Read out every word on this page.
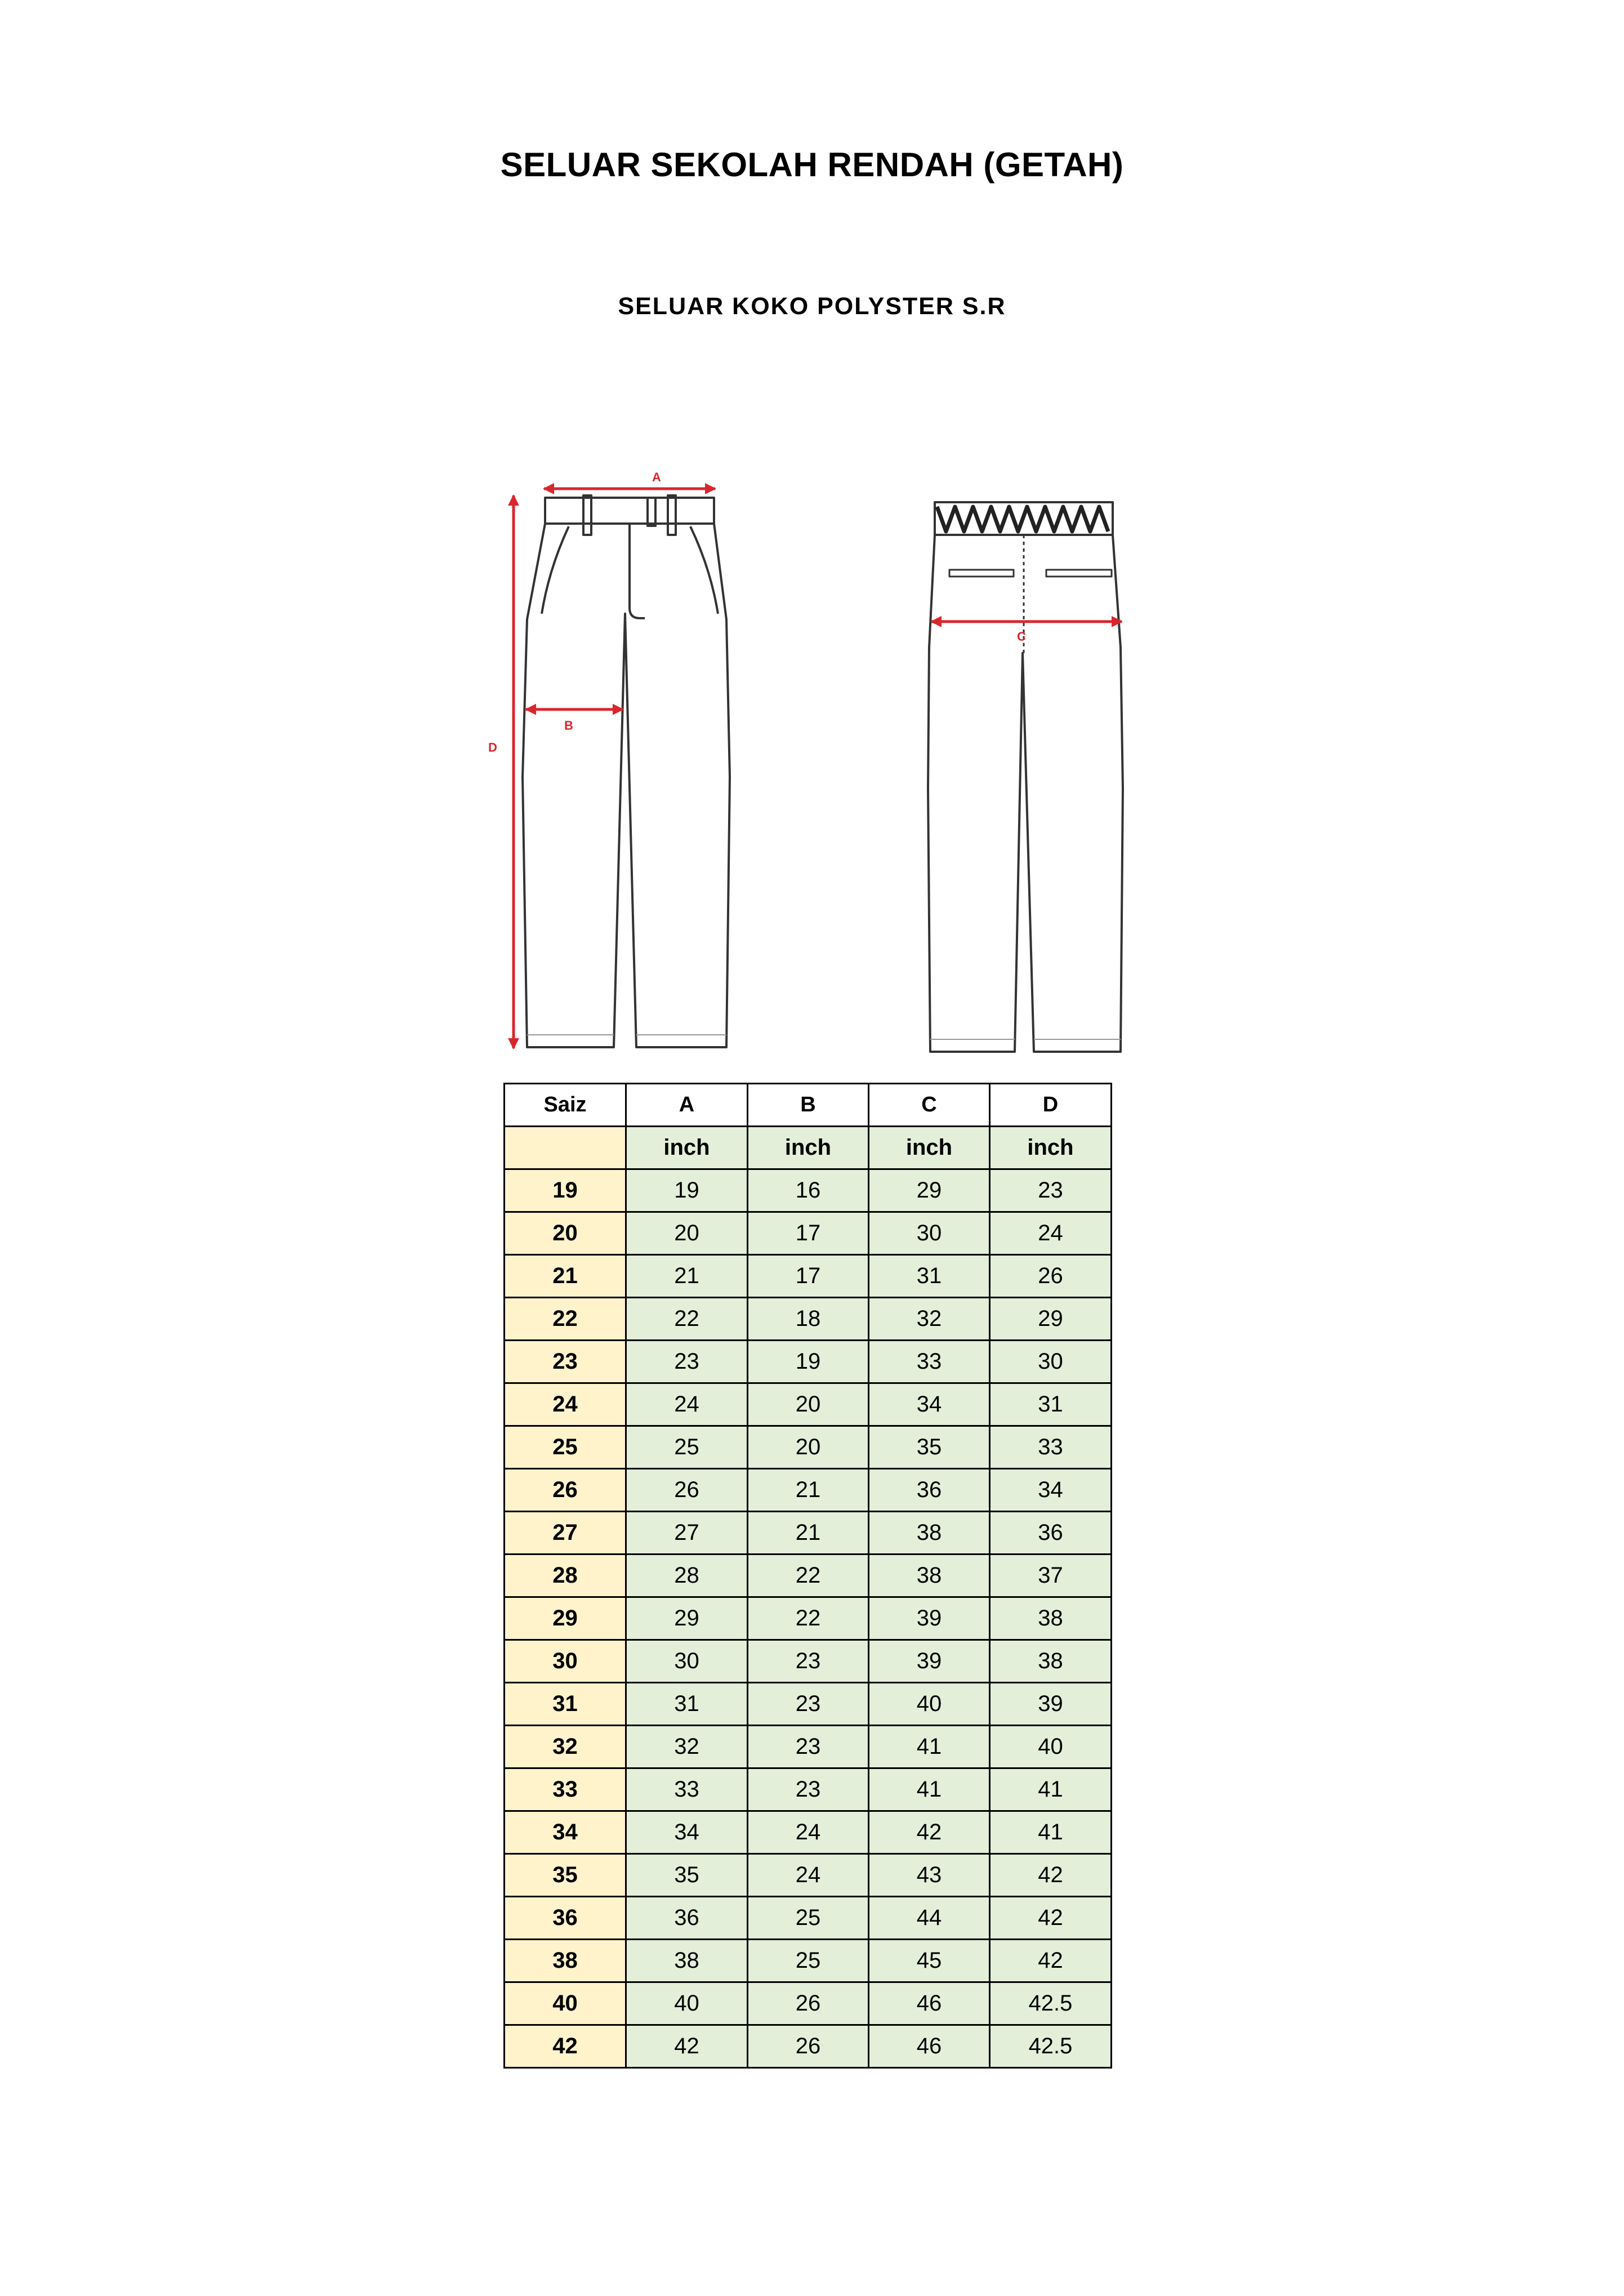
SELUAR SEKOLAH RENDAH (GETAH)
SELUAR KOKO POLYSTER S.R
A
B
D
C
Saiz	A	B	C	D
	inch	inch	inch	inch
19	19	16	29	23
20	20	17	30	24
21	21	17	31	26
22	22	18	32	29
23	23	19	33	30
24	24	20	34	31
25	25	20	35	33
26	26	21	36	34
27	27	21	38	36
28	28	22	38	37
29	29	22	39	38
30	30	23	39	38
31	31	23	40	39
32	32	23	41	40
33	33	23	41	41
34	34	24	42	41
35	35	24	43	42
36	36	25	44	42
38	38	25	45	42
40	40	26	46	42.5
42	42	26	46	42.5
